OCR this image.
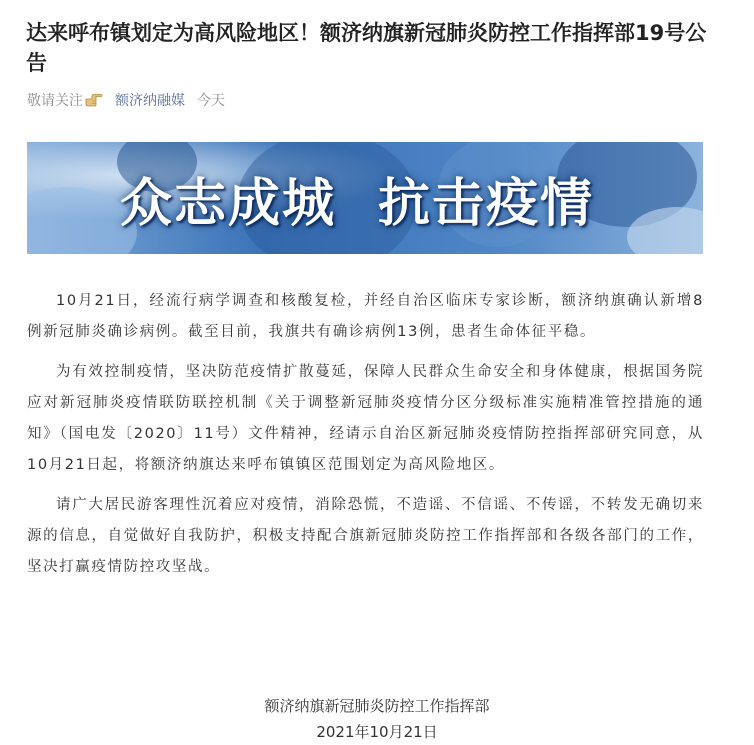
达来呼布镇划定为高风险地区！额济纳旗新冠肺炎防控工作指挥部19号公告
敬请关注 额济纳融媒 今天
众志成城 抗击疫情

10月21日，经流行病学调查和核酸复检，并经自治区临床专家诊断，额济纳旗确认新增8例新冠肺炎确诊病例。截至目前，我旗共有确诊病例13例，患者生命体征平稳。

为有效控制疫情，坚决防范疫情扩散蔓延，保障人民群众生命安全和身体健康，根据国务院应对新冠肺炎疫情联防联控机制《关于调整新冠肺炎疫情分区分级标准实施精准管控措施的通知》（国电发〔2020〕11号）文件精神，经请示自治区新冠肺炎疫情防控指挥部研究同意，从10月21日起，将额济纳旗达来呼布镇镇区范围划定为高风险地区。

请广大居民游客理性沉着应对疫情，消除恐慌，不造谣、不信谣、不传谣，不转发无确切来源的信息，自觉做好自我防护，积极支持配合旗新冠肺炎防控工作指挥部和各级各部门的工作，坚决打赢疫情防控攻坚战。

额济纳旗新冠肺炎防控工作指挥部
2021年10月21日
